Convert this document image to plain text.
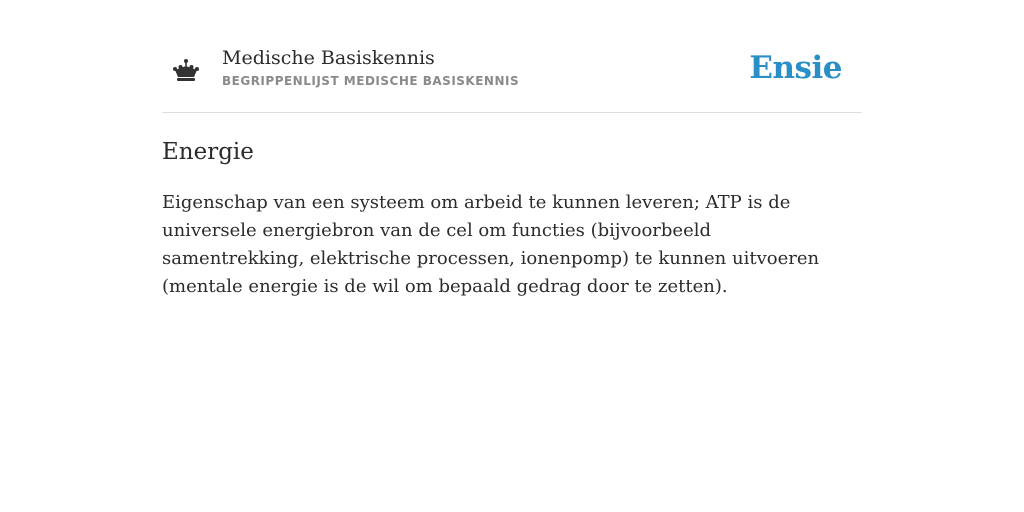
Medische Basiskennis
BEGRIPPENLIJST MEDISCHE BASISKENNIS	Ensie
Energie

Eigenschap van een systeem om arbeid te kunnen leveren; ATP is de universele energiebron van de cel om functies (bijvoorbeeld samentrekking, elektrische processen, ionenpomp) te kunnen uitvoeren (mentale energie is de wil om bepaald gedrag door te zetten).
